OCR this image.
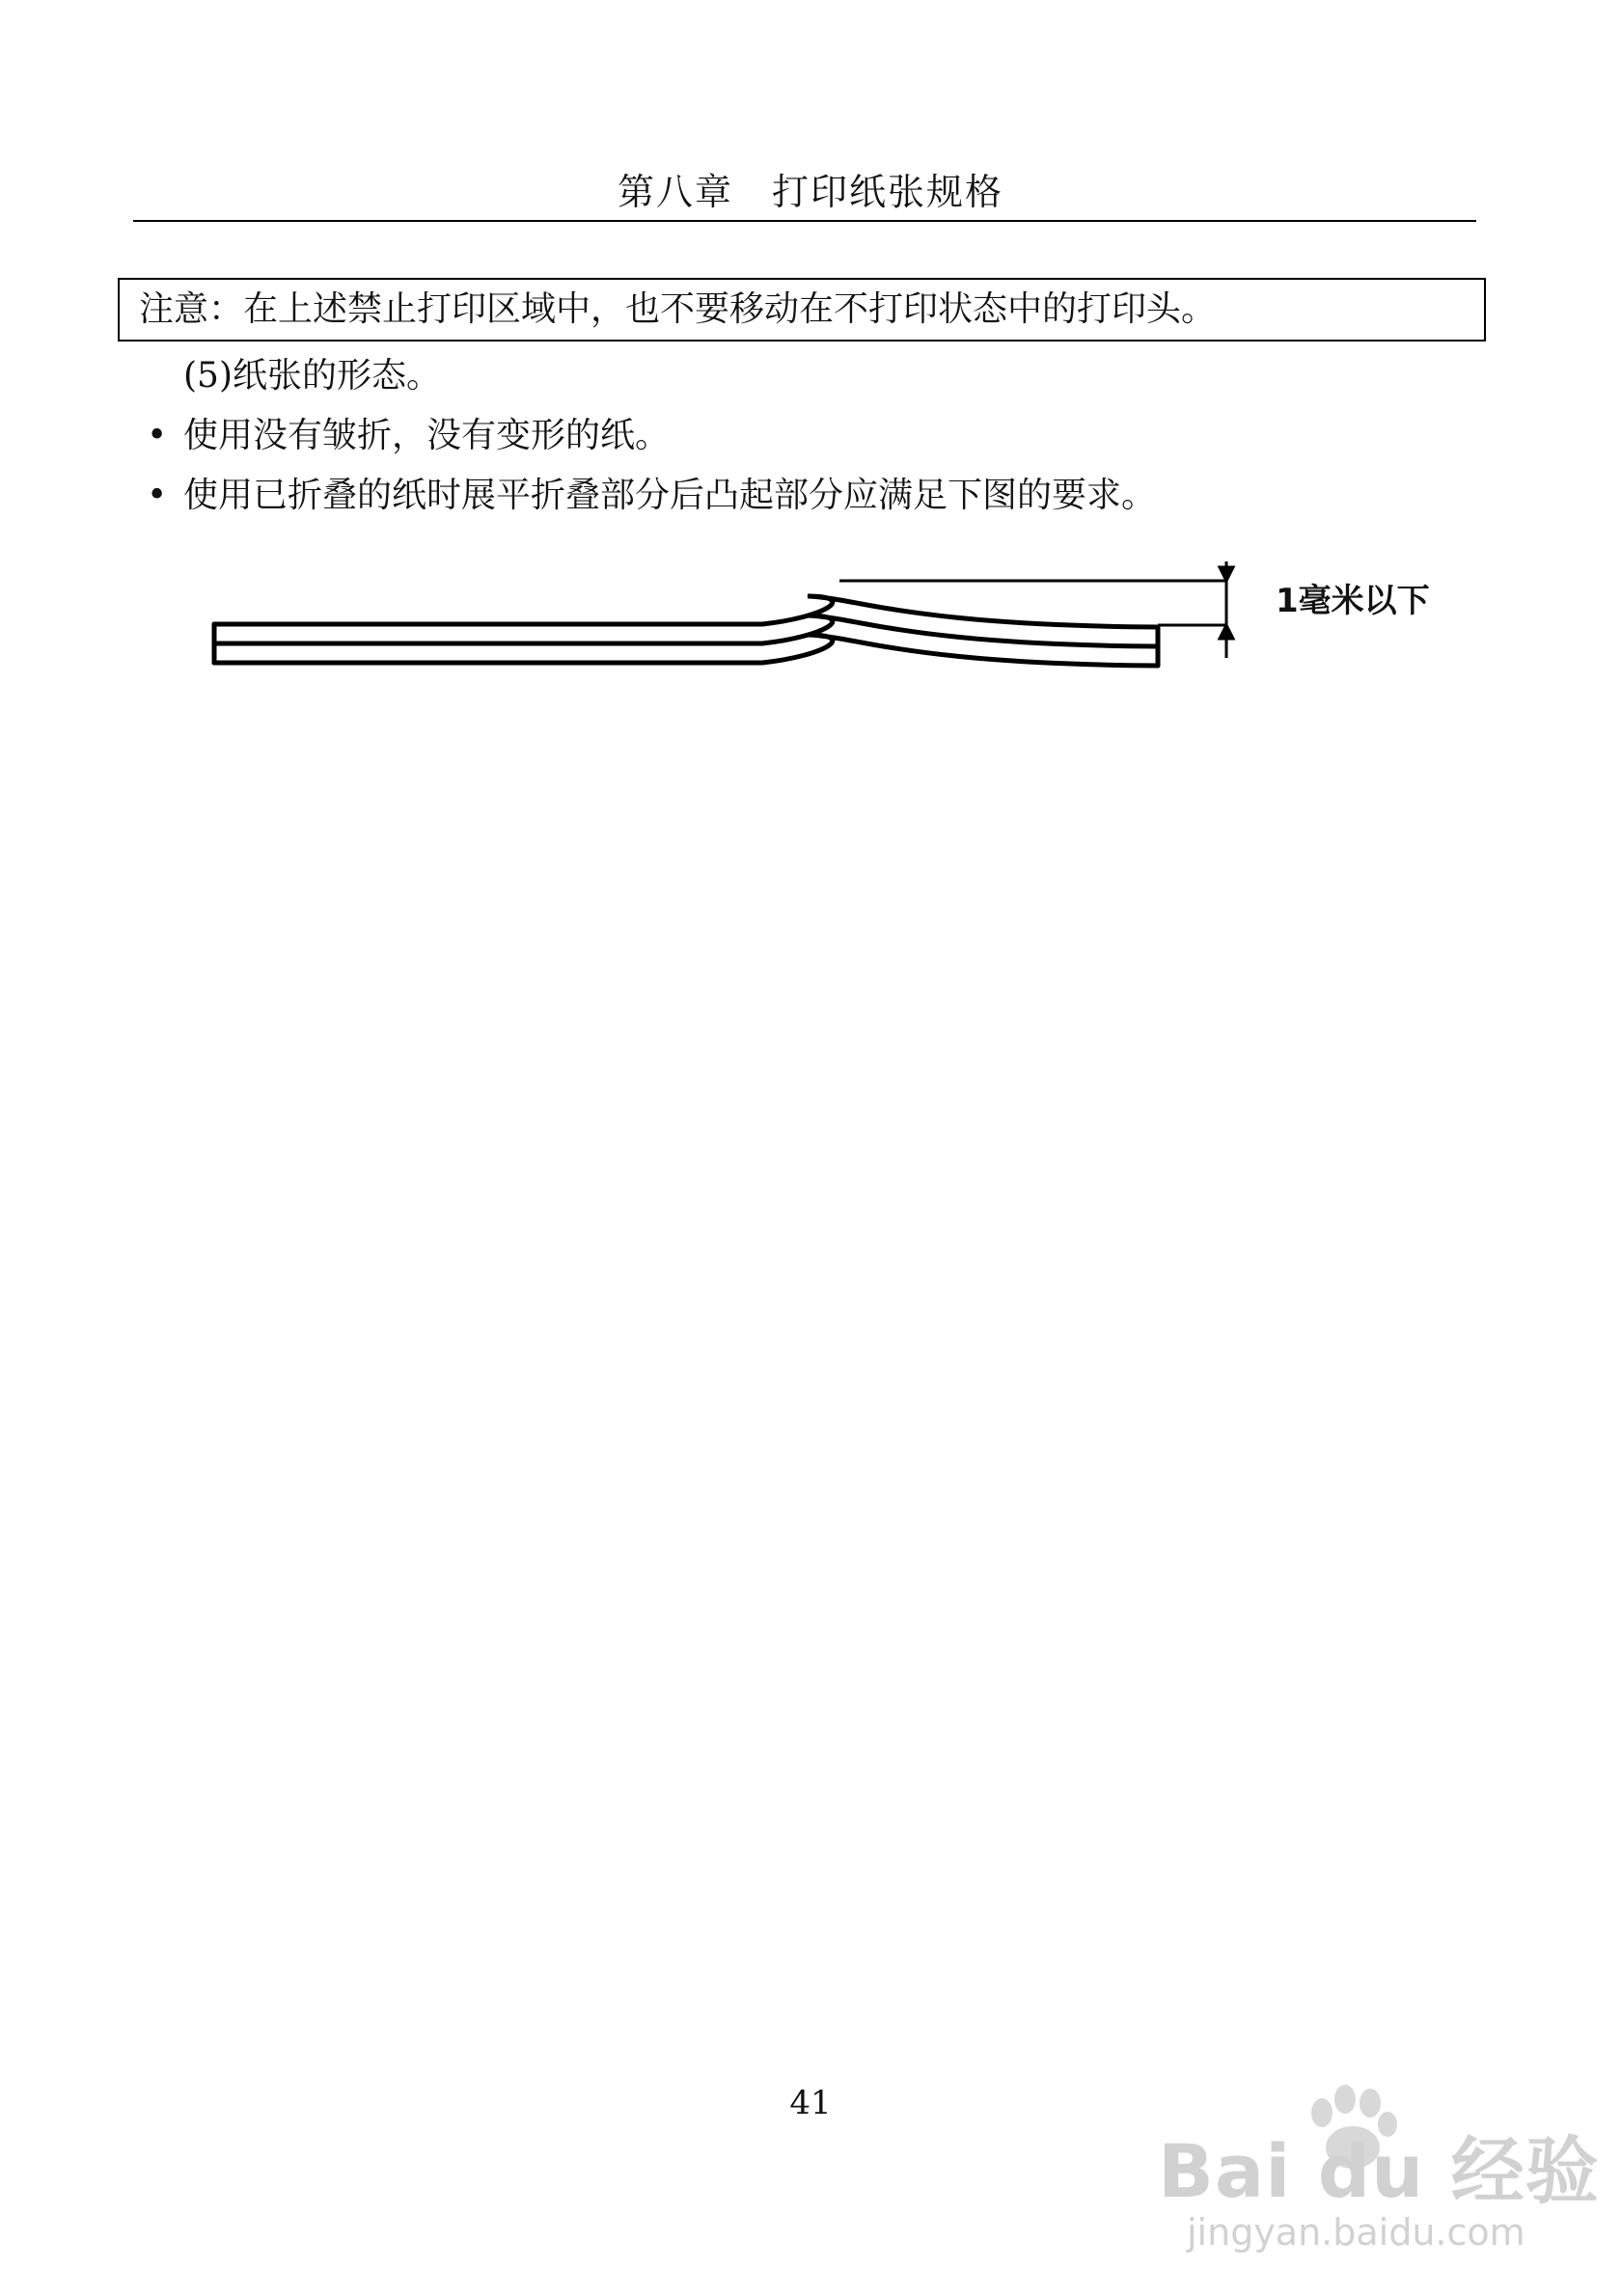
第八章　打印纸张规格
注意：在上述禁止打印区域中，也不要移动在不打印状态中的打印头。
(5)纸张的形态。
• 使用没有皱折，没有变形的纸。
• 使用已折叠的纸时展平折叠部分后凸起部分应满足下图的要求。
1毫米以下
41
Bai du 经验
jingyan.baidu.com
